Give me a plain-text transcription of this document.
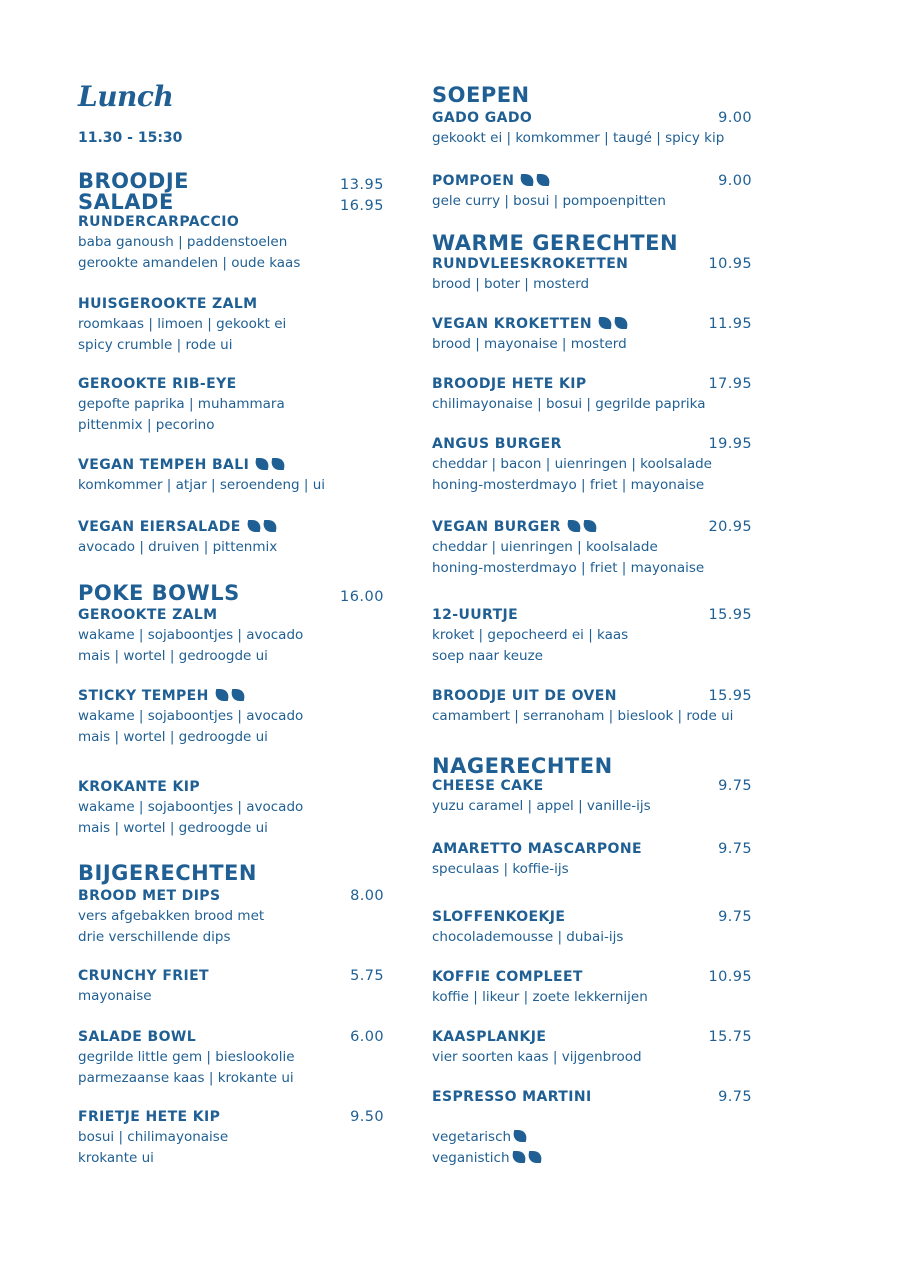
Lunch
11.30 - 15:30
BROODJE	13.95
SALADE	16.95
RUNDERCARPACCIO
baba ganoush | paddenstoelen
gerookte amandelen | oude kaas
HUISGEROOKTE ZALM
roomkaas | limoen | gekookt ei
spicy crumble | rode ui
GEROOKTE RIB-EYE
gepofte paprika | muhammara
pittenmix | pecorino
VEGAN TEMPEH BALI
komkommer | atjar | seroendeng | ui
VEGAN EIERSALADE
avocado | druiven | pittenmix
POKE BOWLS	16.00
GEROOKTE ZALM
wakame | sojaboontjes | avocado
mais | wortel | gedroogde ui
STICKY TEMPEH
wakame | sojaboontjes | avocado
mais | wortel | gedroogde ui
KROKANTE KIP
wakame | sojaboontjes | avocado
mais | wortel | gedroogde ui
BIJGERECHTEN
BROOD MET DIPS	8.00
vers afgebakken brood met
drie verschillende dips
CRUNCHY FRIET	5.75
mayonaise
SALADE BOWL	6.00
gegrilde little gem | bieslookolie
parmezaanse kaas | krokante ui
FRIETJE HETE KIP	9.50
bosui | chilimayonaise
krokante ui
vegetarisch
veganistich
SOEPEN
GADO GADO	9.00
gekookt ei | komkommer | taugé | spicy kip
POMPOEN	9.00
gele curry | bosui | pompoenpitten
WARME GERECHTEN
RUNDVLEESKROKETTEN	10.95
brood | boter | mosterd
VEGAN KROKETTEN	11.95
brood | mayonaise | mosterd
BROODJE HETE KIP	17.95
chilimayonaise | bosui | gegrilde paprika
ANGUS BURGER	19.95
cheddar | bacon | uienringen | koolsalade
honing-mosterdmayo | friet | mayonaise
VEGAN BURGER	20.95
cheddar | uienringen | koolsalade
honing-mosterdmayo | friet | mayonaise
12-UURTJE	15.95
kroket | gepocheerd ei | kaas
soep naar keuze
BROODJE UIT DE OVEN	15.95
camambert | serranoham | bieslook | rode ui
NAGERECHTEN
CHEESE CAKE	9.75
yuzu caramel | appel | vanille-ijs
AMARETTO MASCARPONE	9.75
speculaas | koffie-ijs
SLOFFENKOEKJE	9.75
chocolademousse | dubai-ijs
KOFFIE COMPLEET	10.95
koffie | likeur | zoete lekkernijen
KAASPLANKJE	15.75
vier soorten kaas | vijgenbrood
ESPRESSO MARTINI	9.75
